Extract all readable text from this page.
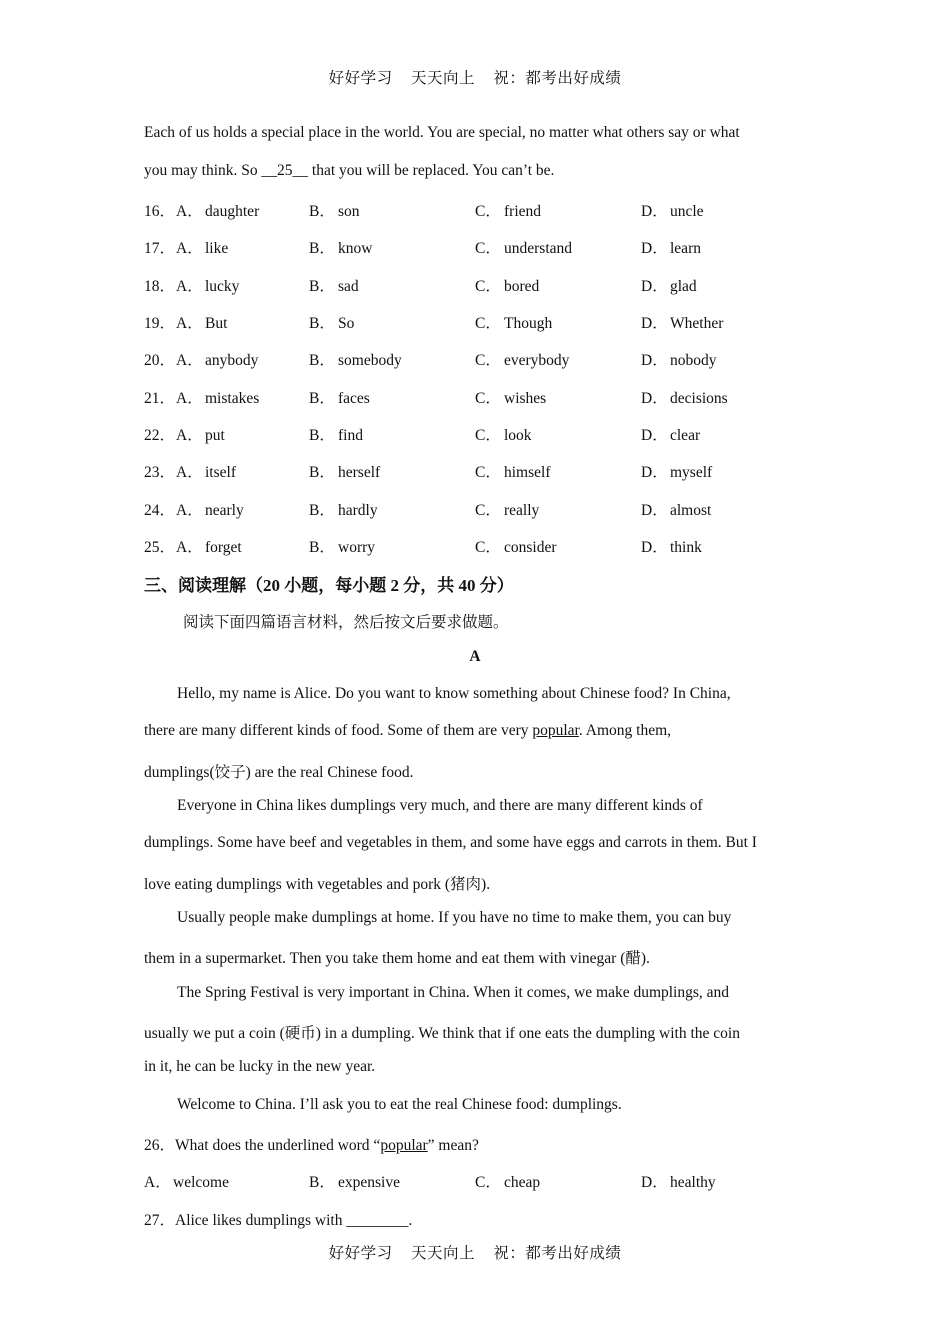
好好学习 天天向上 祝：都考出好成绩
Each of us holds a special place in the world. You are special, no matter what others say or what
you may think. So __25__ that you will be replaced. You can’t be.
16．A． daughter	B． son	C． friend	D． uncle
17．A． like	B． know	C． understand	D． learn
18．A． lucky	B． sad	C． bored	D． glad
19．A． But	B． So	C． Though	D． Whether
20．A． anybody	B． somebody	C． everybody	D． nobody
21．A． mistakes	B． faces	C． wishes	D． decisions
22．A． put	B． find	C． look	D． clear
23．A． itself	B． herself	C． himself	D． myself
24．A． nearly	B． hardly	C． really	D． almost
25．A． forget	B． worry	C． consider	D． think
三、阅读理解（20 小题，每小题 2 分，共 40 分）
阅读下面四篇语言材料，然后按文后要求做题。
A
Hello, my name is Alice. Do you want to know something about Chinese food? In China,
there are many different kinds of food. Some of them are very popular. Among them,
dumplings(饺子) are the real Chinese food.
Everyone in China likes dumplings very much, and there are many different kinds of
dumplings. Some have beef and vegetables in them, and some have eggs and carrots in them. But I
love eating dumplings with vegetables and pork (猪肉).
Usually people make dumplings at home. If you have no time to make them, you can buy
them in a supermarket. Then you take them home and eat them with vinegar (醋).
The Spring Festival is very important in China. When it comes, we make dumplings, and
usually we put a coin (硬币) in a dumpling. We think that if one eats the dumpling with the coin
in it, he can be lucky in the new year.
Welcome to China. I’ll ask you to eat the real Chinese food: dumplings.
26．What does the underlined word “popular” mean?
A． welcome	B． expensive	C． cheap	D． healthy
27．Alice likes dumplings with ________.
好好学习 天天向上 祝：都考出好成绩
